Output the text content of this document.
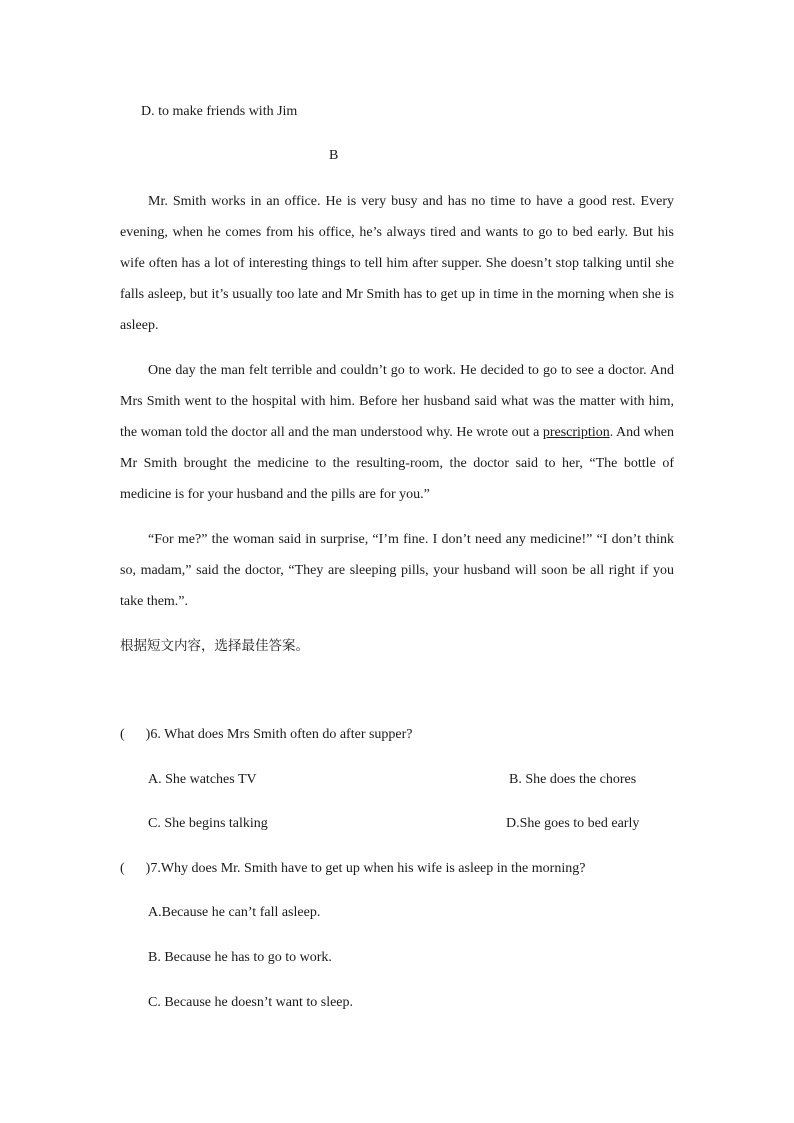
D. to make friends with Jim
B

Mr. Smith works in an office. He is very busy and has no time to have a good rest. Every evening, when he comes from his office, he’s always tired and wants to go to bed early. But his wife often has a lot of interesting things to tell him after supper. She doesn’t stop talking until she falls asleep, but it’s usually too late and Mr Smith has to get up in time in the morning when she is asleep.

One day the man felt terrible and couldn’t go to work. He decided to go to see a doctor. And Mrs Smith went to the hospital with him. Before her husband said what was the matter with him, the woman told the doctor all and the man understood why. He wrote out a prescription. And when Mr Smith brought the medicine to the resulting-room, the doctor said to her, “The bottle of medicine is for your husband and the pills are for you.”

“For me?” the woman said in surprise, “I’m fine. I don’t need any medicine!” “I don’t think so, madam,” said the doctor, “They are sleeping pills, your husband will soon be all right if you take them.”.

根据短文内容，选择最佳答案。
(      )6. What does Mrs Smith often do after supper?
A. She watches TV	B. She does the chores
C. She begins talking	D.She goes to bed early
(      )7.Why does Mr. Smith have to get up when his wife is asleep in the morning?
A.Because he can’t fall asleep.
B. Because he has to go to work.
C. Because he doesn’t want to sleep.
